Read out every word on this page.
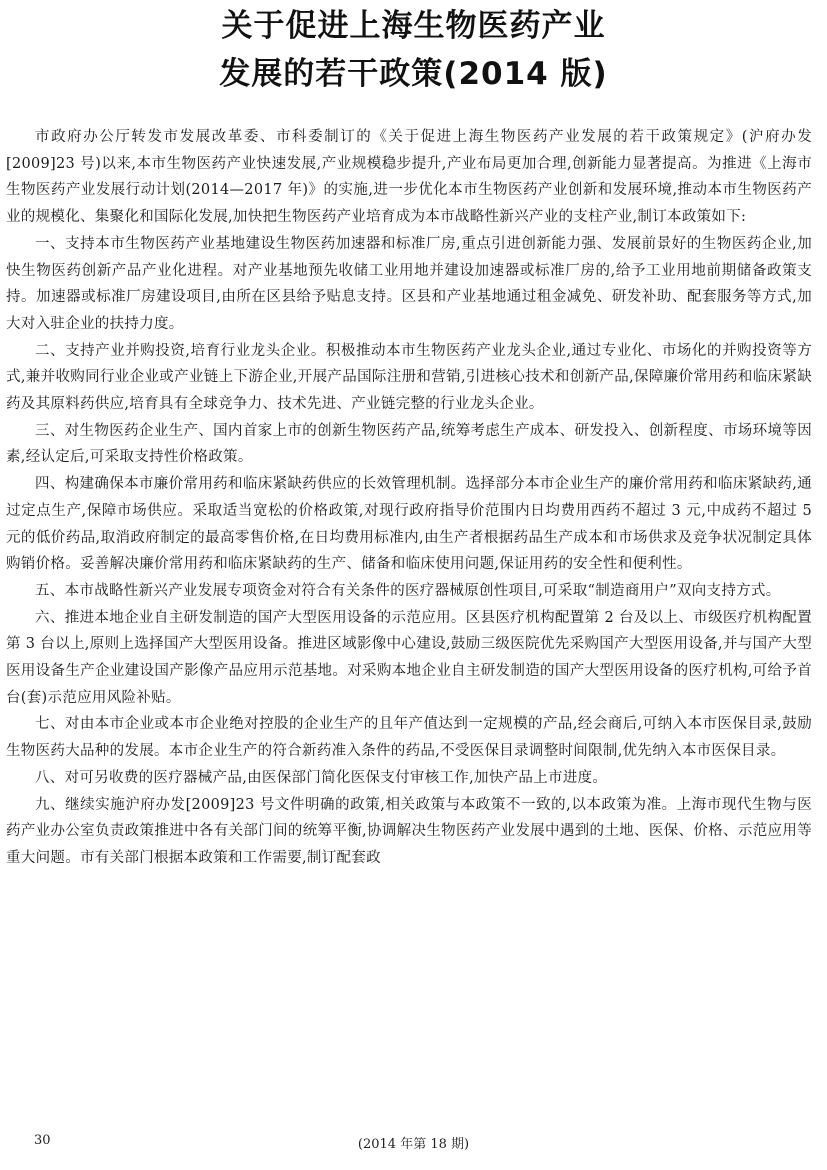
关于促进上海生物医药产业
发展的若干政策(2014 版)

市政府办公厅转发市发展改革委、市科委制订的《关于促进上海生物医药产业发展的若干政策规定》(沪府办发[2009]23 号)以来,本市生物医药产业快速发展,产业规模稳步提升,产业布局更加合理,创新能力显著提高。为推进《上海市生物医药产业发展行动计划(2014—2017 年)》的实施,进一步优化本市生物医药产业创新和发展环境,推动本市生物医药产业的规模化、集聚化和国际化发展,加快把生物医药产业培育成为本市战略性新兴产业的支柱产业,制订本政策如下:

一、支持本市生物医药产业基地建设生物医药加速器和标准厂房,重点引进创新能力强、发展前景好的生物医药企业,加快生物医药创新产品产业化进程。对产业基地预先收储工业用地并建设加速器或标准厂房的,给予工业用地前期储备政策支持。加速器或标准厂房建设项目,由所在区县给予贴息支持。区县和产业基地通过租金减免、研发补助、配套服务等方式,加大对入驻企业的扶持力度。

二、支持产业并购投资,培育行业龙头企业。积极推动本市生物医药产业龙头企业,通过专业化、市场化的并购投资等方式,兼并收购同行业企业或产业链上下游企业,开展产品国际注册和营销,引进核心技术和创新产品,保障廉价常用药和临床紧缺药及其原料药供应,培育具有全球竞争力、技术先进、产业链完整的行业龙头企业。

三、对生物医药企业生产、国内首家上市的创新生物医药产品,统筹考虑生产成本、研发投入、创新程度、市场环境等因素,经认定后,可采取支持性价格政策。

四、构建确保本市廉价常用药和临床紧缺药供应的长效管理机制。选择部分本市企业生产的廉价常用药和临床紧缺药,通过定点生产,保障市场供应。采取适当宽松的价格政策,对现行政府指导价范围内日均费用西药不超过 3 元,中成药不超过 5 元的低价药品,取消政府制定的最高零售价格,在日均费用标准内,由生产者根据药品生产成本和市场供求及竞争状况制定具体购销价格。妥善解决廉价常用药和临床紧缺药的生产、储备和临床使用问题,保证用药的安全性和便利性。

五、本市战略性新兴产业发展专项资金对符合有关条件的医疗器械原创性项目,可采取“制造商用户”双向支持方式。

六、推进本地企业自主研发制造的国产大型医用设备的示范应用。区县医疗机构配置第 2 台及以上、市级医疗机构配置第 3 台以上,原则上选择国产大型医用设备。推进区域影像中心建设,鼓励三级医院优先采购国产大型医用设备,并与国产大型医用设备生产企业建设国产影像产品应用示范基地。对采购本地企业自主研发制造的国产大型医用设备的医疗机构,可给予首台(套)示范应用风险补贴。

七、对由本市企业或本市企业绝对控股的企业生产的且年产值达到一定规模的产品,经会商后,可纳入本市医保目录,鼓励生物医药大品种的发展。本市企业生产的符合新药准入条件的药品,不受医保目录调整时间限制,优先纳入本市医保目录。

八、对可另收费的医疗器械产品,由医保部门简化医保支付审核工作,加快产品上市进度。

九、继续实施沪府办发[2009]23 号文件明确的政策,相关政策与本政策不一致的,以本政策为准。上海市现代生物与医药产业办公室负责政策推进中各有关部门间的统筹平衡,协调解决生物医药产业发展中遇到的土地、医保、价格、示范应用等重大问题。市有关部门根据本政策和工作需要,制订配套政

30	(2014 年第 18 期)
